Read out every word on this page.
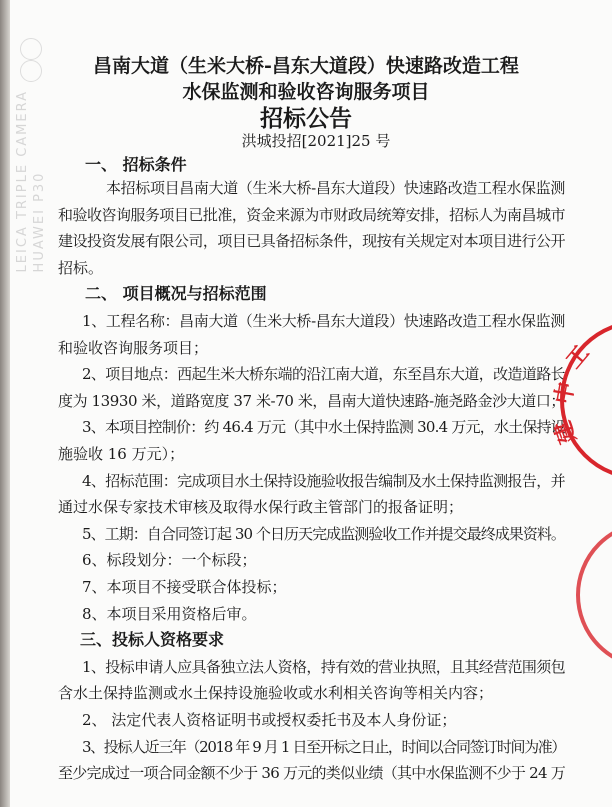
HUAWEI P30
LEICA TRIPLE CAMERA
昌南大道（生米大桥-昌东大道段）快速路改造工程
水保监测和验收咨询服务项目
招标公告
洪城投招[2021]25 号
一、 招标条件
本招标项目昌南大道（生米大桥-昌东大道段）快速路改造工程水保监测
和验收咨询服务项目已批准，资金来源为市财政局统筹安排，招标人为南昌城市
建设投资发展有限公司，项目已具备招标条件，现按有关规定对本项目进行公开
招标。
二、 项目概况与招标范围
1、工程名称：昌南大道（生米大桥-昌东大道段）快速路改造工程水保监测
和验收咨询服务项目；
2、项目地点：西起生米大桥东端的沿江南大道，东至昌东大道，改造道路长
度为 13930 米，道路宽度 37 米-70 米，昌南大道快速路-施尧路金沙大道口；
3、本项目控制价：约 46.4 万元（其中水土保持监测 30.4 万元，水土保持设
施验收 16 万元）；
4、招标范围：完成项目水土保持设施验收报告编制及水土保持监测报告，并
通过水保专家技术审核及取得水保行政主管部门的报备证明；
5、工期：自合同签订起 30 个日历天完成监测验收工作并提交最终成果资料。
6、标段划分：一个标段；
7、本项目不接受联合体投标；
8、本项目采用资格后审。
三、投标人资格要求
1、投标申请人应具备独立法人资格，持有效的营业执照，且其经营范围须包
含水土保持监测或水土保持设施验收或水利相关咨询等相关内容；
2、 法定代表人资格证明书或授权委托书及本人身份证；
3、投标人近三年（2018 年 9 月 1 日至开标之日止，时间以合同签订时间为准）
至少完成过一项合同金额不少于 36 万元的类似业绩（其中水保监测不少于 24 万
工
中
建
